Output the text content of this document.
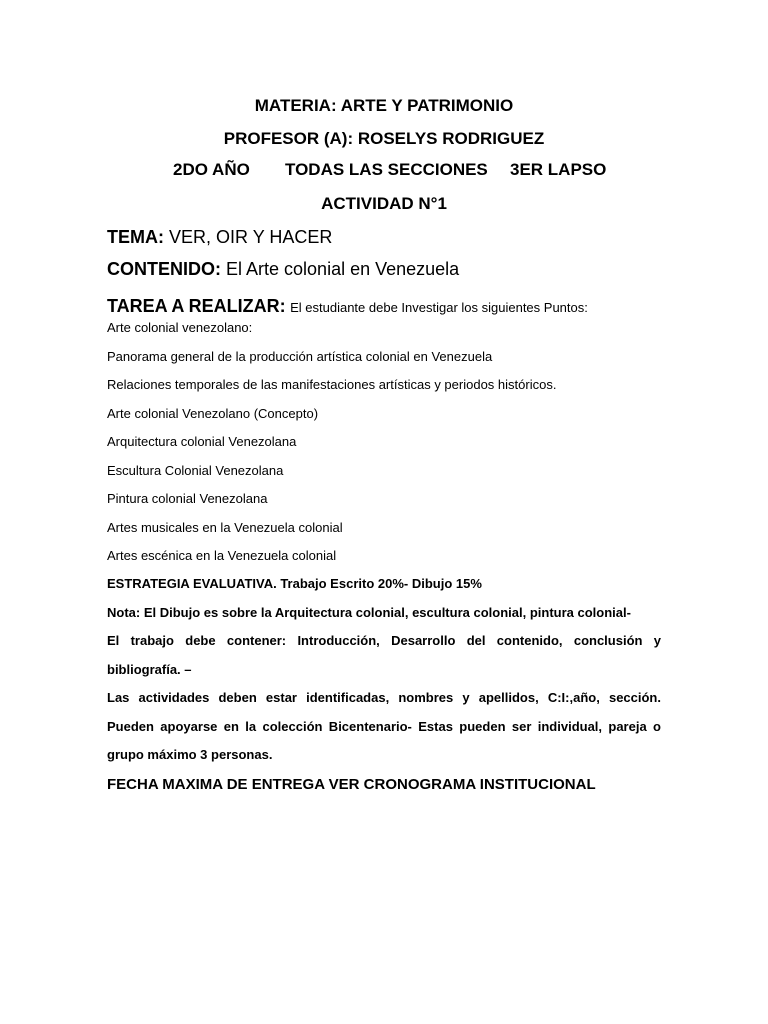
MATERIA: ARTE Y PATRIMONIO
PROFESOR (A): ROSELYS RODRIGUEZ
2DO AÑO TODAS LAS SECCIONES 3ER LAPSO
ACTIVIDAD N°1
TEMA: VER, OIR Y HACER
CONTENIDO: El Arte colonial en Venezuela
TAREA A REALIZAR: El estudiante debe Investigar los siguientes Puntos:
Arte colonial venezolano:
Panorama general de la producción artística colonial en Venezuela
Relaciones temporales de las manifestaciones artísticas y periodos históricos.
Arte colonial Venezolano (Concepto)
Arquitectura colonial Venezolana
Escultura Colonial Venezolana
Pintura colonial Venezolana
Artes musicales en la Venezuela colonial
Artes escénica en la Venezuela colonial
ESTRATEGIA EVALUATIVA. Trabajo Escrito 20%- Dibujo 15%
Nota: El Dibujo es sobre la Arquitectura colonial, escultura colonial, pintura colonial-
El trabajo debe contener: Introducción, Desarrollo del contenido, conclusión y bibliografía. –
Las actividades deben estar identificadas, nombres y apellidos, C:I:,año, sección. Pueden apoyarse en la colección Bicentenario- Estas pueden ser individual, pareja o grupo máximo 3 personas.
FECHA MAXIMA DE ENTREGA VER CRONOGRAMA INSTITUCIONAL
